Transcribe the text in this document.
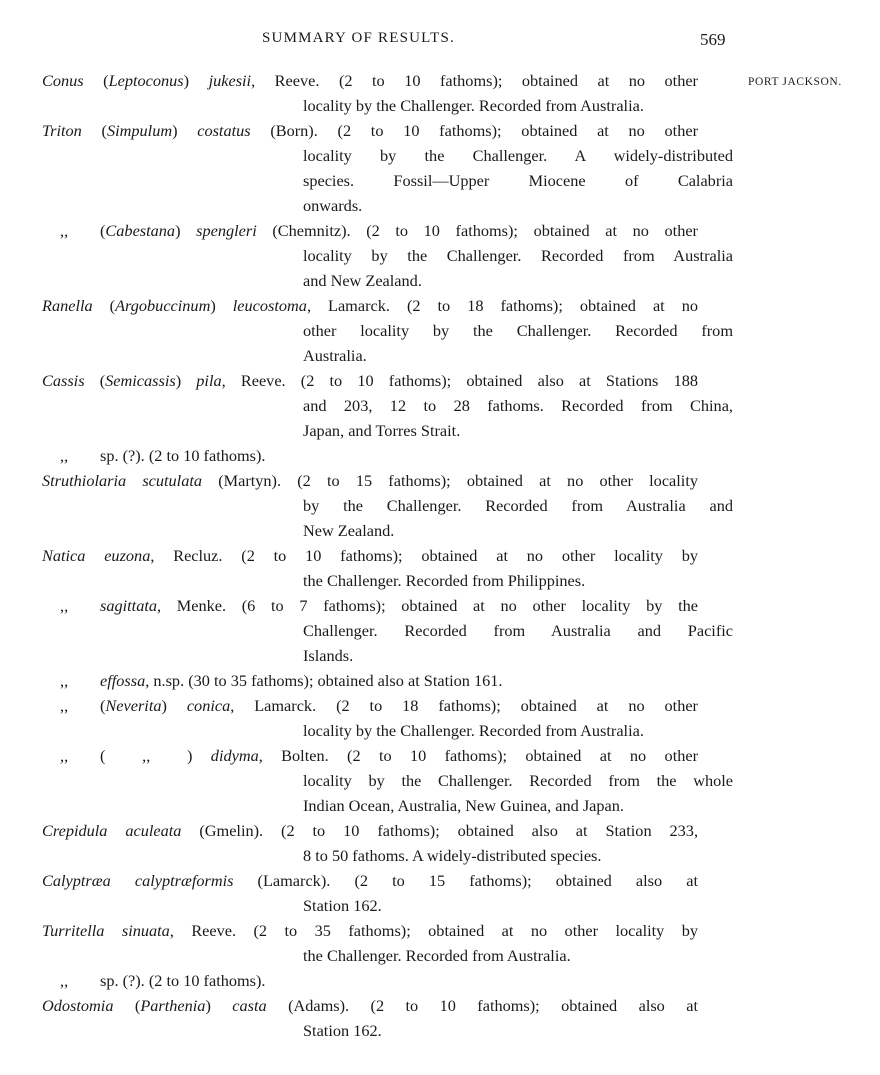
SUMMARY OF RESULTS.	569
PORT JACKSON.
Conus (Leptoconus) jukesii, Reeve. (2 to 10 fathoms); obtained at no other
locality by the Challenger. Recorded from Australia.
Triton (Simpulum) costatus (Born). (2 to 10 fathoms); obtained at no other
locality by the Challenger. A widely-distributed
species. Fossil—Upper Miocene of Calabria
onwards.
,, (Cabestana) spengleri (Chemnitz). (2 to 10 fathoms); obtained at no other
locality by the Challenger. Recorded from Australia
and New Zealand.
Ranella (Argobuccinum) leucostoma, Lamarck. (2 to 18 fathoms); obtained at no
other locality by the Challenger. Recorded from
Australia.
Cassis (Semicassis) pila, Reeve. (2 to 10 fathoms); obtained also at Stations 188
and 203, 12 to 28 fathoms. Recorded from China,
Japan, and Torres Strait.
,, sp. (?). (2 to 10 fathoms).
Struthiolaria scutulata (Martyn). (2 to 15 fathoms); obtained at no other locality
by the Challenger. Recorded from Australia and
New Zealand.
Natica euzona, Recluz. (2 to 10 fathoms); obtained at no other locality by
the Challenger. Recorded from Philippines.
,, sagittata, Menke. (6 to 7 fathoms); obtained at no other locality by the
Challenger. Recorded from Australia and Pacific
Islands.
,, effossa, n.sp. (30 to 35 fathoms); obtained also at Station 161.
,, (Neverita) conica, Lamarck. (2 to 18 fathoms); obtained at no other
locality by the Challenger. Recorded from Australia.
,, (  ,,  ) didyma, Bolten. (2 to 10 fathoms); obtained at no other
locality by the Challenger. Recorded from the whole
Indian Ocean, Australia, New Guinea, and Japan.
Crepidula aculeata (Gmelin). (2 to 10 fathoms); obtained also at Station 233,
8 to 50 fathoms. A widely-distributed species.
Calyptræa calyptræformis (Lamarck). (2 to 15 fathoms); obtained also at
Station 162.
Turritella sinuata, Reeve. (2 to 35 fathoms); obtained at no other locality by
the Challenger. Recorded from Australia.
,, sp. (?). (2 to 10 fathoms).
Odostomia (Parthenia) casta (Adams). (2 to 10 fathoms); obtained also at
Station 162.
